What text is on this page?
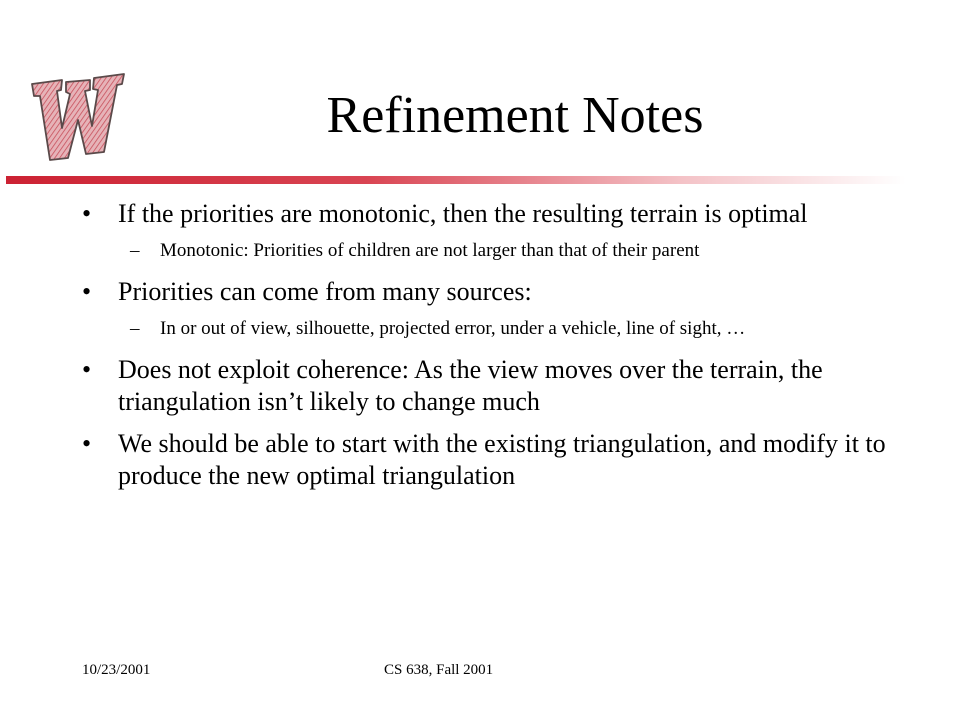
Refinement Notes
• If the priorities are monotonic, then the resulting terrain is optimal
– Monotonic: Priorities of children are not larger than that of their parent
• Priorities can come from many sources:
– In or out of view, silhouette, projected error, under a vehicle, line of sight, …
• Does not exploit coherence: As the view moves over the terrain, the triangulation isn’t likely to change much
• We should be able to start with the existing triangulation, and modify it to produce the new optimal triangulation
10/23/2001	CS 638, Fall 2001
